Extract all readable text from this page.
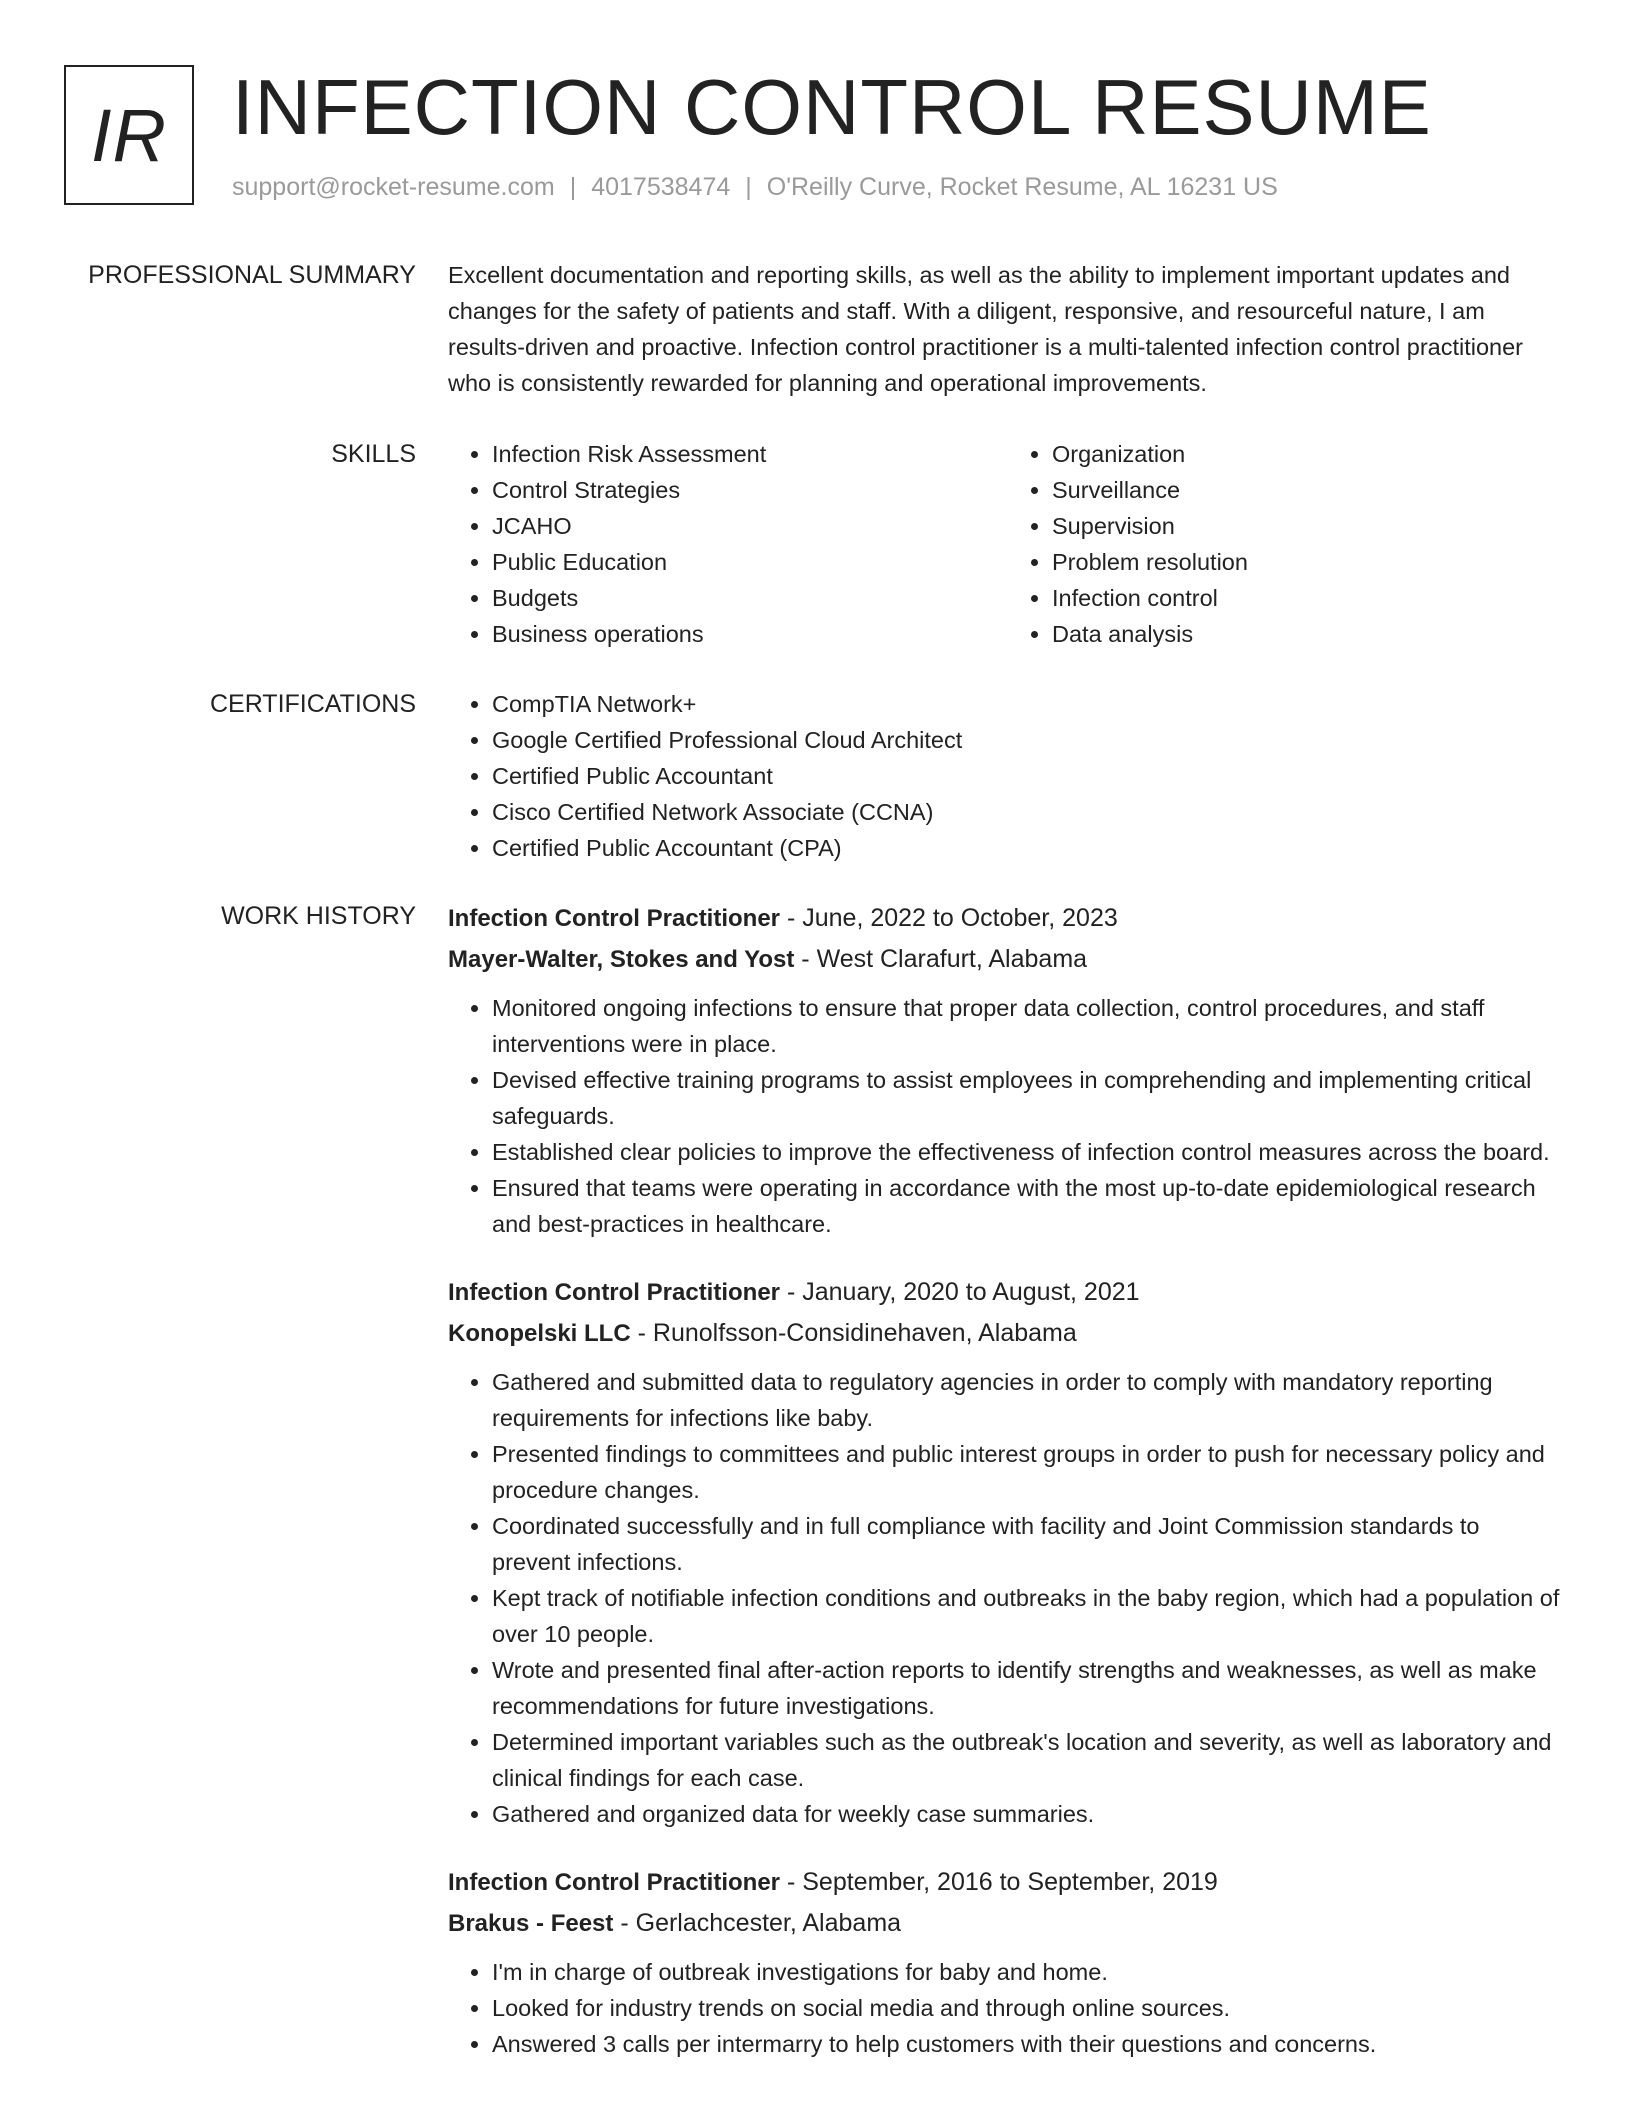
IR INFECTION CONTROL RESUME
support@rocket-resume.com | 4017538474 | O'Reilly Curve, Rocket Resume, AL 16231 US
PROFESSIONAL SUMMARY Excellent documentation and reporting skills, as well as the ability to implement important updates and changes for the safety of patients and staff. With a diligent, responsive, and resourceful nature, I am results-driven and proactive. Infection control practitioner is a multi-talented infection control practitioner who is consistently rewarded for planning and operational improvements.

SKILLS	• Infection Risk Assessment
• Control Strategies
• JCAHO
• Public Education
• Budgets
• Business operations
• Organization
• Surveillance
• Supervision
• Problem resolution
• Infection control
• Data analysis
CERTIFICATIONS	• CompTIA Network+
• Google Certified Professional Cloud Architect
• Certified Public Accountant
• Cisco Certified Network Associate (CCNA)
• Certified Public Accountant (CPA)
WORK HISTORY Infection Control Practitioner - June, 2022 to October, 2023
Mayer-Walter, Stokes and Yost - West Clarafurt, Alabama
• Monitored ongoing infections to ensure that proper data collection, control procedures, and staff interventions were in place.
• Devised effective training programs to assist employees in comprehending and implementing critical safeguards.
• Established clear policies to improve the effectiveness of infection control measures across the board.
• Ensured that teams were operating in accordance with the most up-to-date epidemiological research and best-practices in healthcare.
Infection Control Practitioner - January, 2020 to August, 2021
Konopelski LLC - Runolfsson-Considinehaven, Alabama
• Gathered and submitted data to regulatory agencies in order to comply with mandatory reporting requirements for infections like baby.
• Presented findings to committees and public interest groups in order to push for necessary policy and procedure changes.
• Coordinated successfully and in full compliance with facility and Joint Commission standards to prevent infections.
• Kept track of notifiable infection conditions and outbreaks in the baby region, which had a population of over 10 people.
• Wrote and presented final after-action reports to identify strengths and weaknesses, as well as make recommendations for future investigations.
• Determined important variables such as the outbreak's location and severity, as well as laboratory and clinical findings for each case.
• Gathered and organized data for weekly case summaries.
Infection Control Practitioner - September, 2016 to September, 2019
Brakus - Feest - Gerlachcester, Alabama
• I'm in charge of outbreak investigations for baby and home.
• Looked for industry trends on social media and through online sources.
• Answered 3 calls per intermarry to help customers with their questions and concerns.
